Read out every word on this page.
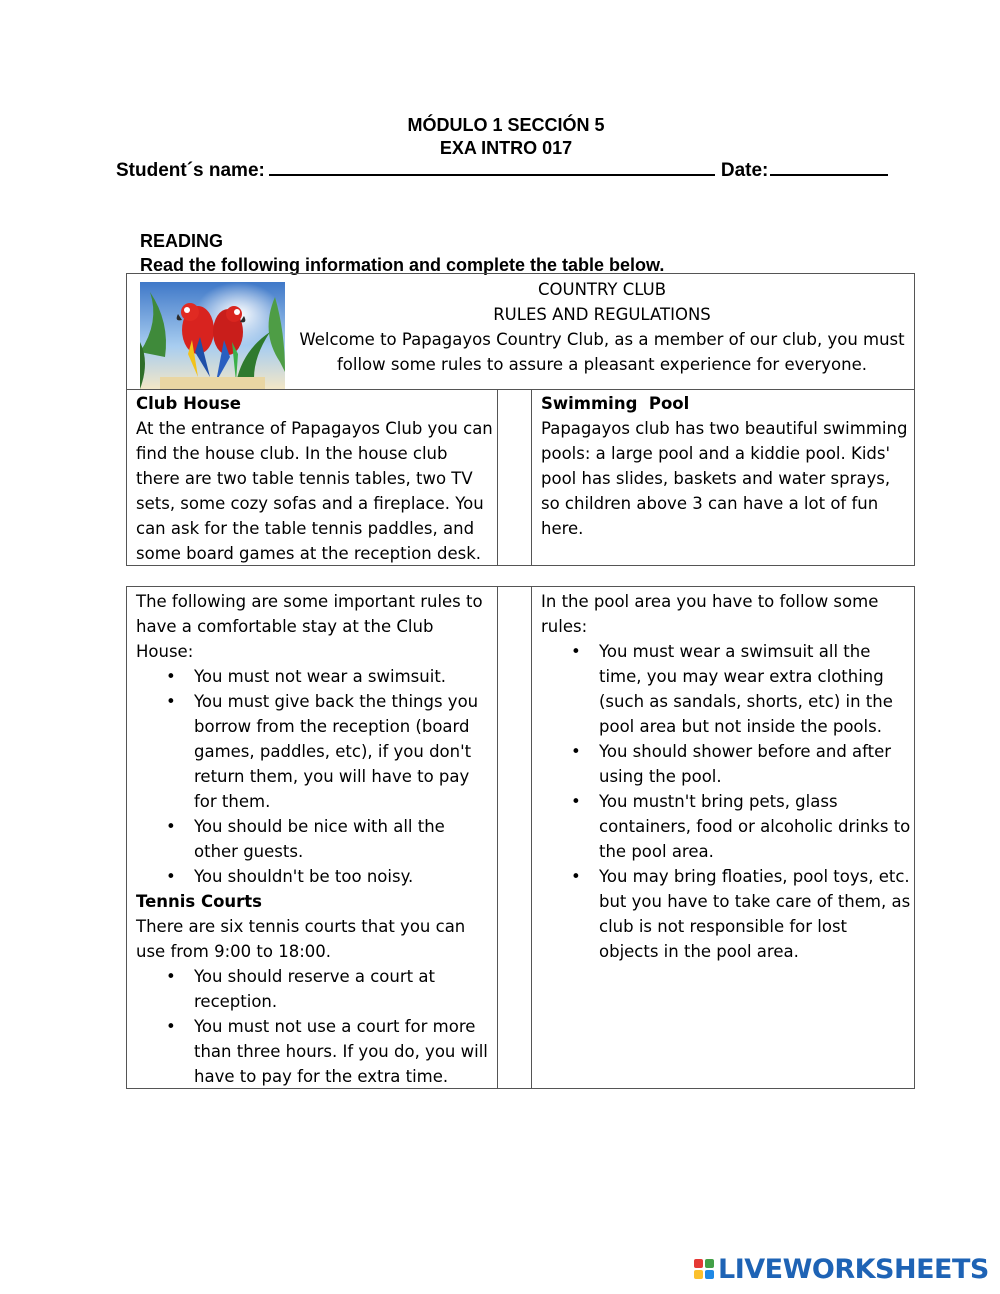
MÓDULO 1 SECCIÓN 5
EXA INTRO 017
Student´s name:	Date:
READING
Read the following information and complete the table below.
COUNTRY CLUB
RULES AND REGULATIONS
Welcome to Papagayos Country Club, as a member of our club, you must follow some rules to assure a pleasant experience for everyone.
Club House
At the entrance of Papagayos Club you can find the house club. In the house club there are two table tennis tables, two TV sets, some cozy sofas and a fireplace. You can ask for the table tennis paddles, and some board games at the reception desk.
Swimming  Pool
Papagayos club has two beautiful swimming pools: a large pool and a kiddie pool. Kids' pool has slides, baskets and water sprays, so children above 3 can have a lot of fun here.
The following are some important rules to have a comfortable stay at the Club House:
• You must not wear a swimsuit.
• You must give back the things you borrow from the reception (board games, paddles, etc), if you don't return them, you will have to pay for them.
• You should be nice with all the other guests.
• You shouldn't be too noisy.
Tennis Courts
There are six tennis courts that you can use from 9:00 to 18:00.
• You should reserve a court at reception.
• You must not use a court for more than three hours. If you do, you will have to pay for the extra time.
In the pool area you have to follow some rules:
• You must wear a swimsuit all the time, you may wear extra clothing (such as sandals, shorts, etc) in the pool area but not inside the pools.
• You should shower before and after using the pool.
• You mustn't bring pets, glass containers, food or alcoholic drinks to the pool area.
• You may bring floaties, pool toys, etc. but you have to take care of them, as club is not responsible for lost objects in the pool area.
LIVEWORKSHEETS
